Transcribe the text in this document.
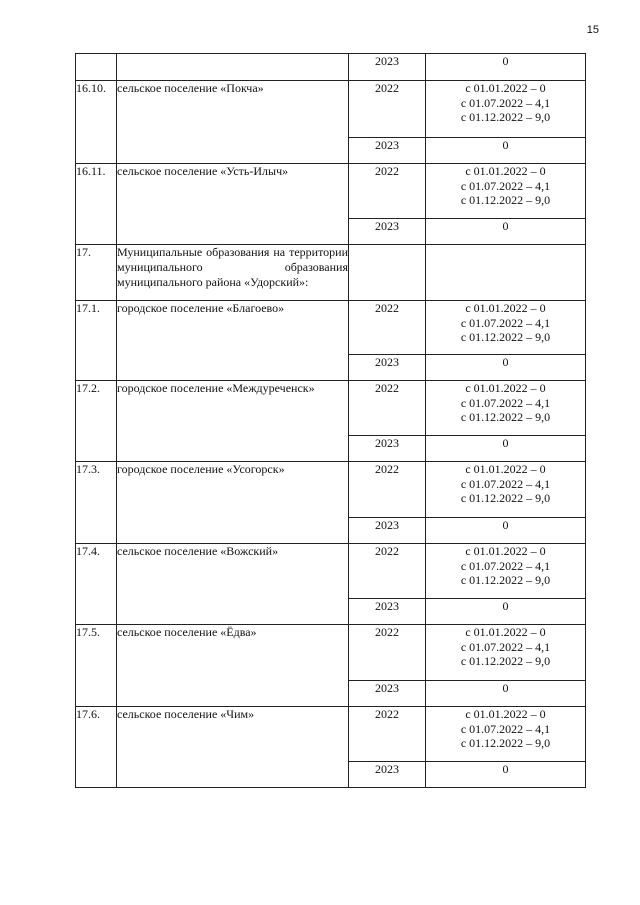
15
		2023	0

16.10.	сельское поселение «Покча»	2022	с 01.01.2022 – 0
с 01.07.2022 – 4,1
с 01.12.2022 – 9,0

		2023	0

16.11.	сельское поселение «Усть-Илыч»	2022	с 01.01.2022 – 0
с 01.07.2022 – 4,1
с 01.12.2022 – 9,0

		2023	0

17.	Муниципальные образования на территории муниципального образования муниципального района «Удорский»:		
17.1.	городское поселение «Благоево»	2022	с 01.01.2022 – 0
с 01.07.2022 – 4,1
с 01.12.2022 – 9,0

		2023	0

17.2.	городское поселение «Междуреченск»	2022	с 01.01.2022 – 0
с 01.07.2022 – 4,1
с 01.12.2022 – 9,0

		2023	0

17.3.	городское поселение «Усогорск»	2022	с 01.01.2022 – 0
с 01.07.2022 – 4,1
с 01.12.2022 – 9,0

		2023	0

17.4.	сельское поселение «Вожский»	2022	с 01.01.2022 – 0
с 01.07.2022 – 4,1
с 01.12.2022 – 9,0

		2023	0

17.5.	сельское поселение «Ёдва»	2022	с 01.01.2022 – 0
с 01.07.2022 – 4,1
с 01.12.2022 – 9,0

		2023	0

17.6.	сельское поселение «Чим»	2022	с 01.01.2022 – 0
с 01.07.2022 – 4,1
с 01.12.2022 – 9,0

		2023	0
